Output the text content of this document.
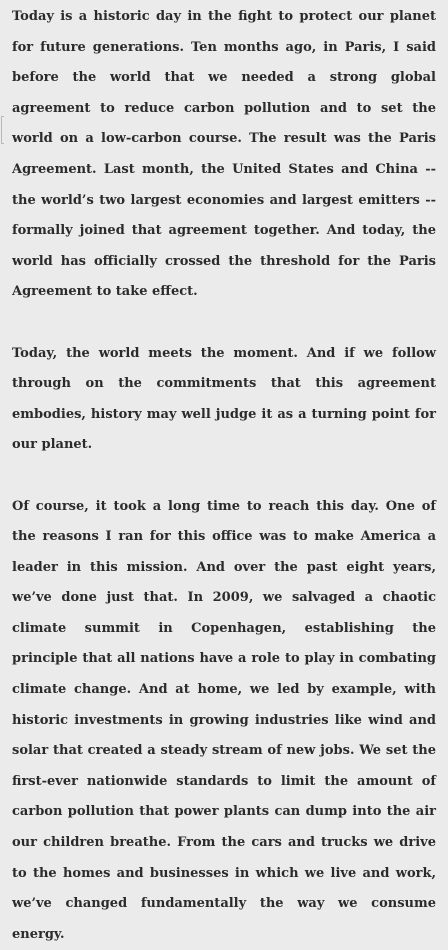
Today is a historic day in the fight to protect our planet for future generations. Ten months ago, in Paris, I said before the world that we needed a strong global agreement to reduce carbon pollution and to set the world on a low-carbon course. The result was the Paris Agreement. Last month, the United States and China -- the world’s two largest economies and largest emitters -- formally joined that agreement together. And today, the world has officially crossed the threshold for the Paris Agreement to take effect.

Today, the world meets the moment. And if we follow through on the commitments that this agreement embodies, history may well judge it as a turning point for our planet.

Of course, it took a long time to reach this day. One of the reasons I ran for this office was to make America a leader in this mission. And over the past eight years, we’ve done just that. In 2009, we salvaged a chaotic climate summit in Copenhagen, establishing the principle that all nations have a role to play in combating climate change. And at home, we led by example, with historic investments in growing industries like wind and solar that created a steady stream of new jobs. We set the first-ever nationwide standards to limit the amount of carbon pollution that power plants can dump into the air our children breathe. From the cars and trucks we drive to the homes and businesses in which we live and work, we’ve changed fundamentally the way we consume energy.
